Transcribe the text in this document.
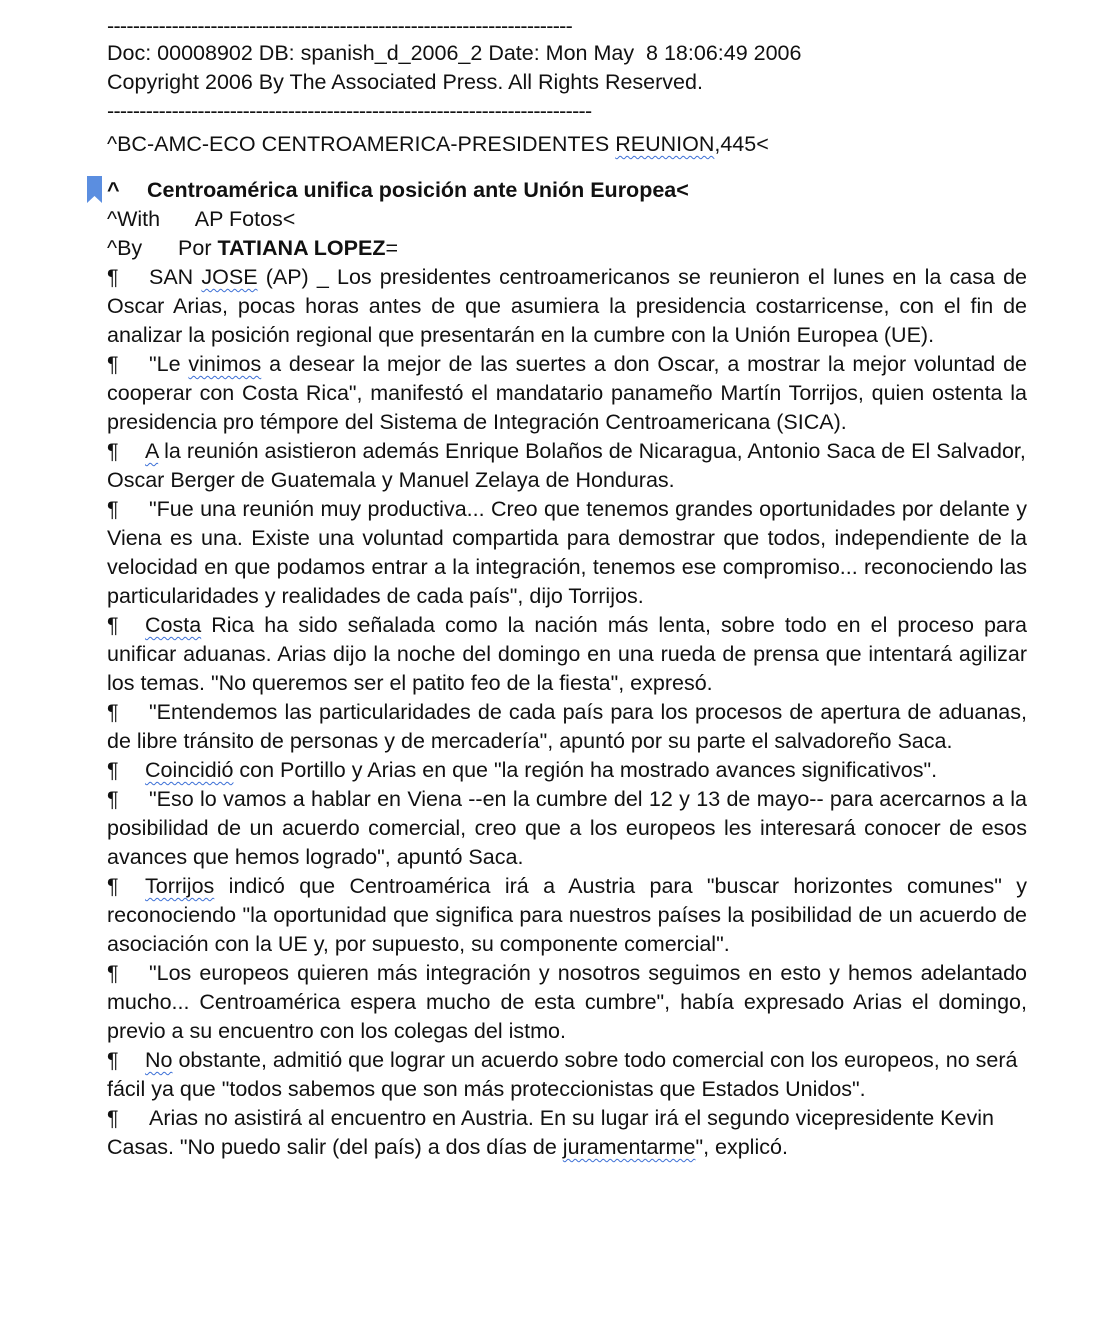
------------------------------------------------------------------------
Doc: 00008902 DB: spanish_d_2006_2 Date: Mon May  8 18:06:49 2006
Copyright 2006 By The Associated Press. All Rights Reserved.
---------------------------------------------------------------------------
^BC-AMC-ECO CENTROAMERICA-PRESIDENTES REUNION,445<
^ Centroamérica unifica posición ante Unión Europea<
^With      AP Fotos<
^By      Por TATIANA LOPEZ=
¶ SAN JOSE (AP) _ Los presidentes centroamericanos se reunieron el lunes en la casa de Oscar Arias, pocas horas antes de que asumiera la presidencia costarricense, con el fin de analizar la posición regional que presentarán en la cumbre con la Unión Europea (UE).
¶ "Le vinimos a desear la mejor de las suertes a don Oscar, a mostrar la mejor voluntad de cooperar con Costa Rica", manifestó el mandatario panameño Martín Torrijos, quien ostenta la presidencia pro témpore del Sistema de Integración Centroamericana (SICA).
¶ A la reunión asistieron además Enrique Bolaños de Nicaragua, Antonio Saca de El Salvador, Oscar Berger de Guatemala y Manuel Zelaya de Honduras.
¶ "Fue una reunión muy productiva... Creo que tenemos grandes oportunidades por delante y Viena es una. Existe una voluntad compartida para demostrar que todos, independiente de la velocidad en que podamos entrar a la integración, tenemos ese compromiso... reconociendo las particularidades y realidades de cada país", dijo Torrijos.
¶ Costa Rica ha sido señalada como la nación más lenta, sobre todo en el proceso para unificar aduanas. Arias dijo la noche del domingo en una rueda de prensa que intentará agilizar los temas. "No queremos ser el patito feo de la fiesta", expresó.
¶ "Entendemos las particularidades de cada país para los procesos de apertura de aduanas, de libre tránsito de personas y de mercadería", apuntó por su parte el salvadoreño Saca.
¶ Coincidió con Portillo y Arias en que "la región ha mostrado avances significativos".
¶ "Eso lo vamos a hablar en Viena --en la cumbre del 12 y 13 de mayo-- para acercarnos a la posibilidad de un acuerdo comercial, creo que a los europeos les interesará conocer de esos avances que hemos logrado", apuntó Saca.
¶ Torrijos indicó que Centroamérica irá a Austria para "buscar horizontes comunes" y reconociendo "la oportunidad que significa para nuestros países la posibilidad de un acuerdo de asociación con la UE y, por supuesto, su componente comercial".
¶ "Los europeos quieren más integración y nosotros seguimos en esto y hemos adelantado mucho... Centroamérica espera mucho de esta cumbre", había expresado Arias el domingo, previo a su encuentro con los colegas del istmo.
¶ No obstante, admitió que lograr un acuerdo sobre todo comercial con los europeos, no será fácil ya que "todos sabemos que son más proteccionistas que Estados Unidos".
¶ Arias no asistirá al encuentro en Austria. En su lugar irá el segundo vicepresidente Kevin Casas. "No puedo salir (del país) a dos días de juramentarme", explicó.
